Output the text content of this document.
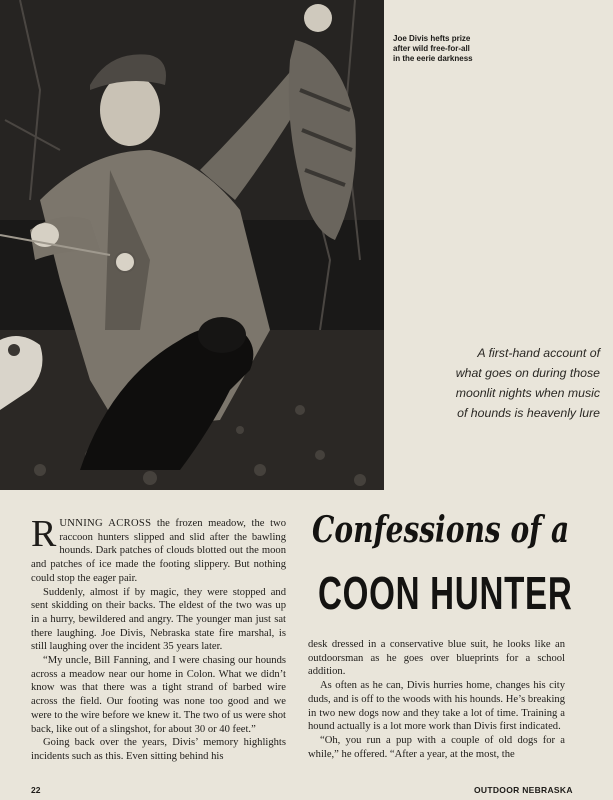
Joe Divis hefts prize
after wild free-for-all
in the eerie darkness
A first-hand account of
what goes on during those
moonlit nights when music
of hounds is heavenly lure
Confessions of a
COON HUNTER

RUNNING ACROSS the frozen meadow, the two raccoon hunters slipped and slid after the bawling hounds. Dark patches of clouds blotted out the moon and patches of ice made the footing slippery. But nothing could stop the eager pair.

Suddenly, almost if by magic, they were stopped and sent skidding on their backs. The eldest of the two was up in a hurry, bewildered and angry. The younger man just sat there laughing. Joe Divis, Nebraska state fire marshal, is still laughing over the incident 35 years later.

“My uncle, Bill Fanning, and I were chasing our hounds across a meadow near our home in Colon. What we didn’t know was that there was a tight strand of barbed wire across the field. Our footing was none too good and we were to the wire before we knew it. The two of us were shot back, like out of a slingshot, for about 30 or 40 feet.”

Going back over the years, Divis’ memory highlights incidents such as this. Even sitting behind his

desk dressed in a conservative blue suit, he looks like an outdoorsman as he goes over blueprints for a school addition.

As often as he can, Divis hurries home, changes his city duds, and is off to the woods with his hounds. He’s breaking in two new dogs now and they take a lot of time. Training a hound actually is a lot more work than Divis first indicated.

“Oh, you run a pup with a couple of old dogs for a while,” he offered. “After a year, at the most, the

22	OUTDOOR NEBRASKA
